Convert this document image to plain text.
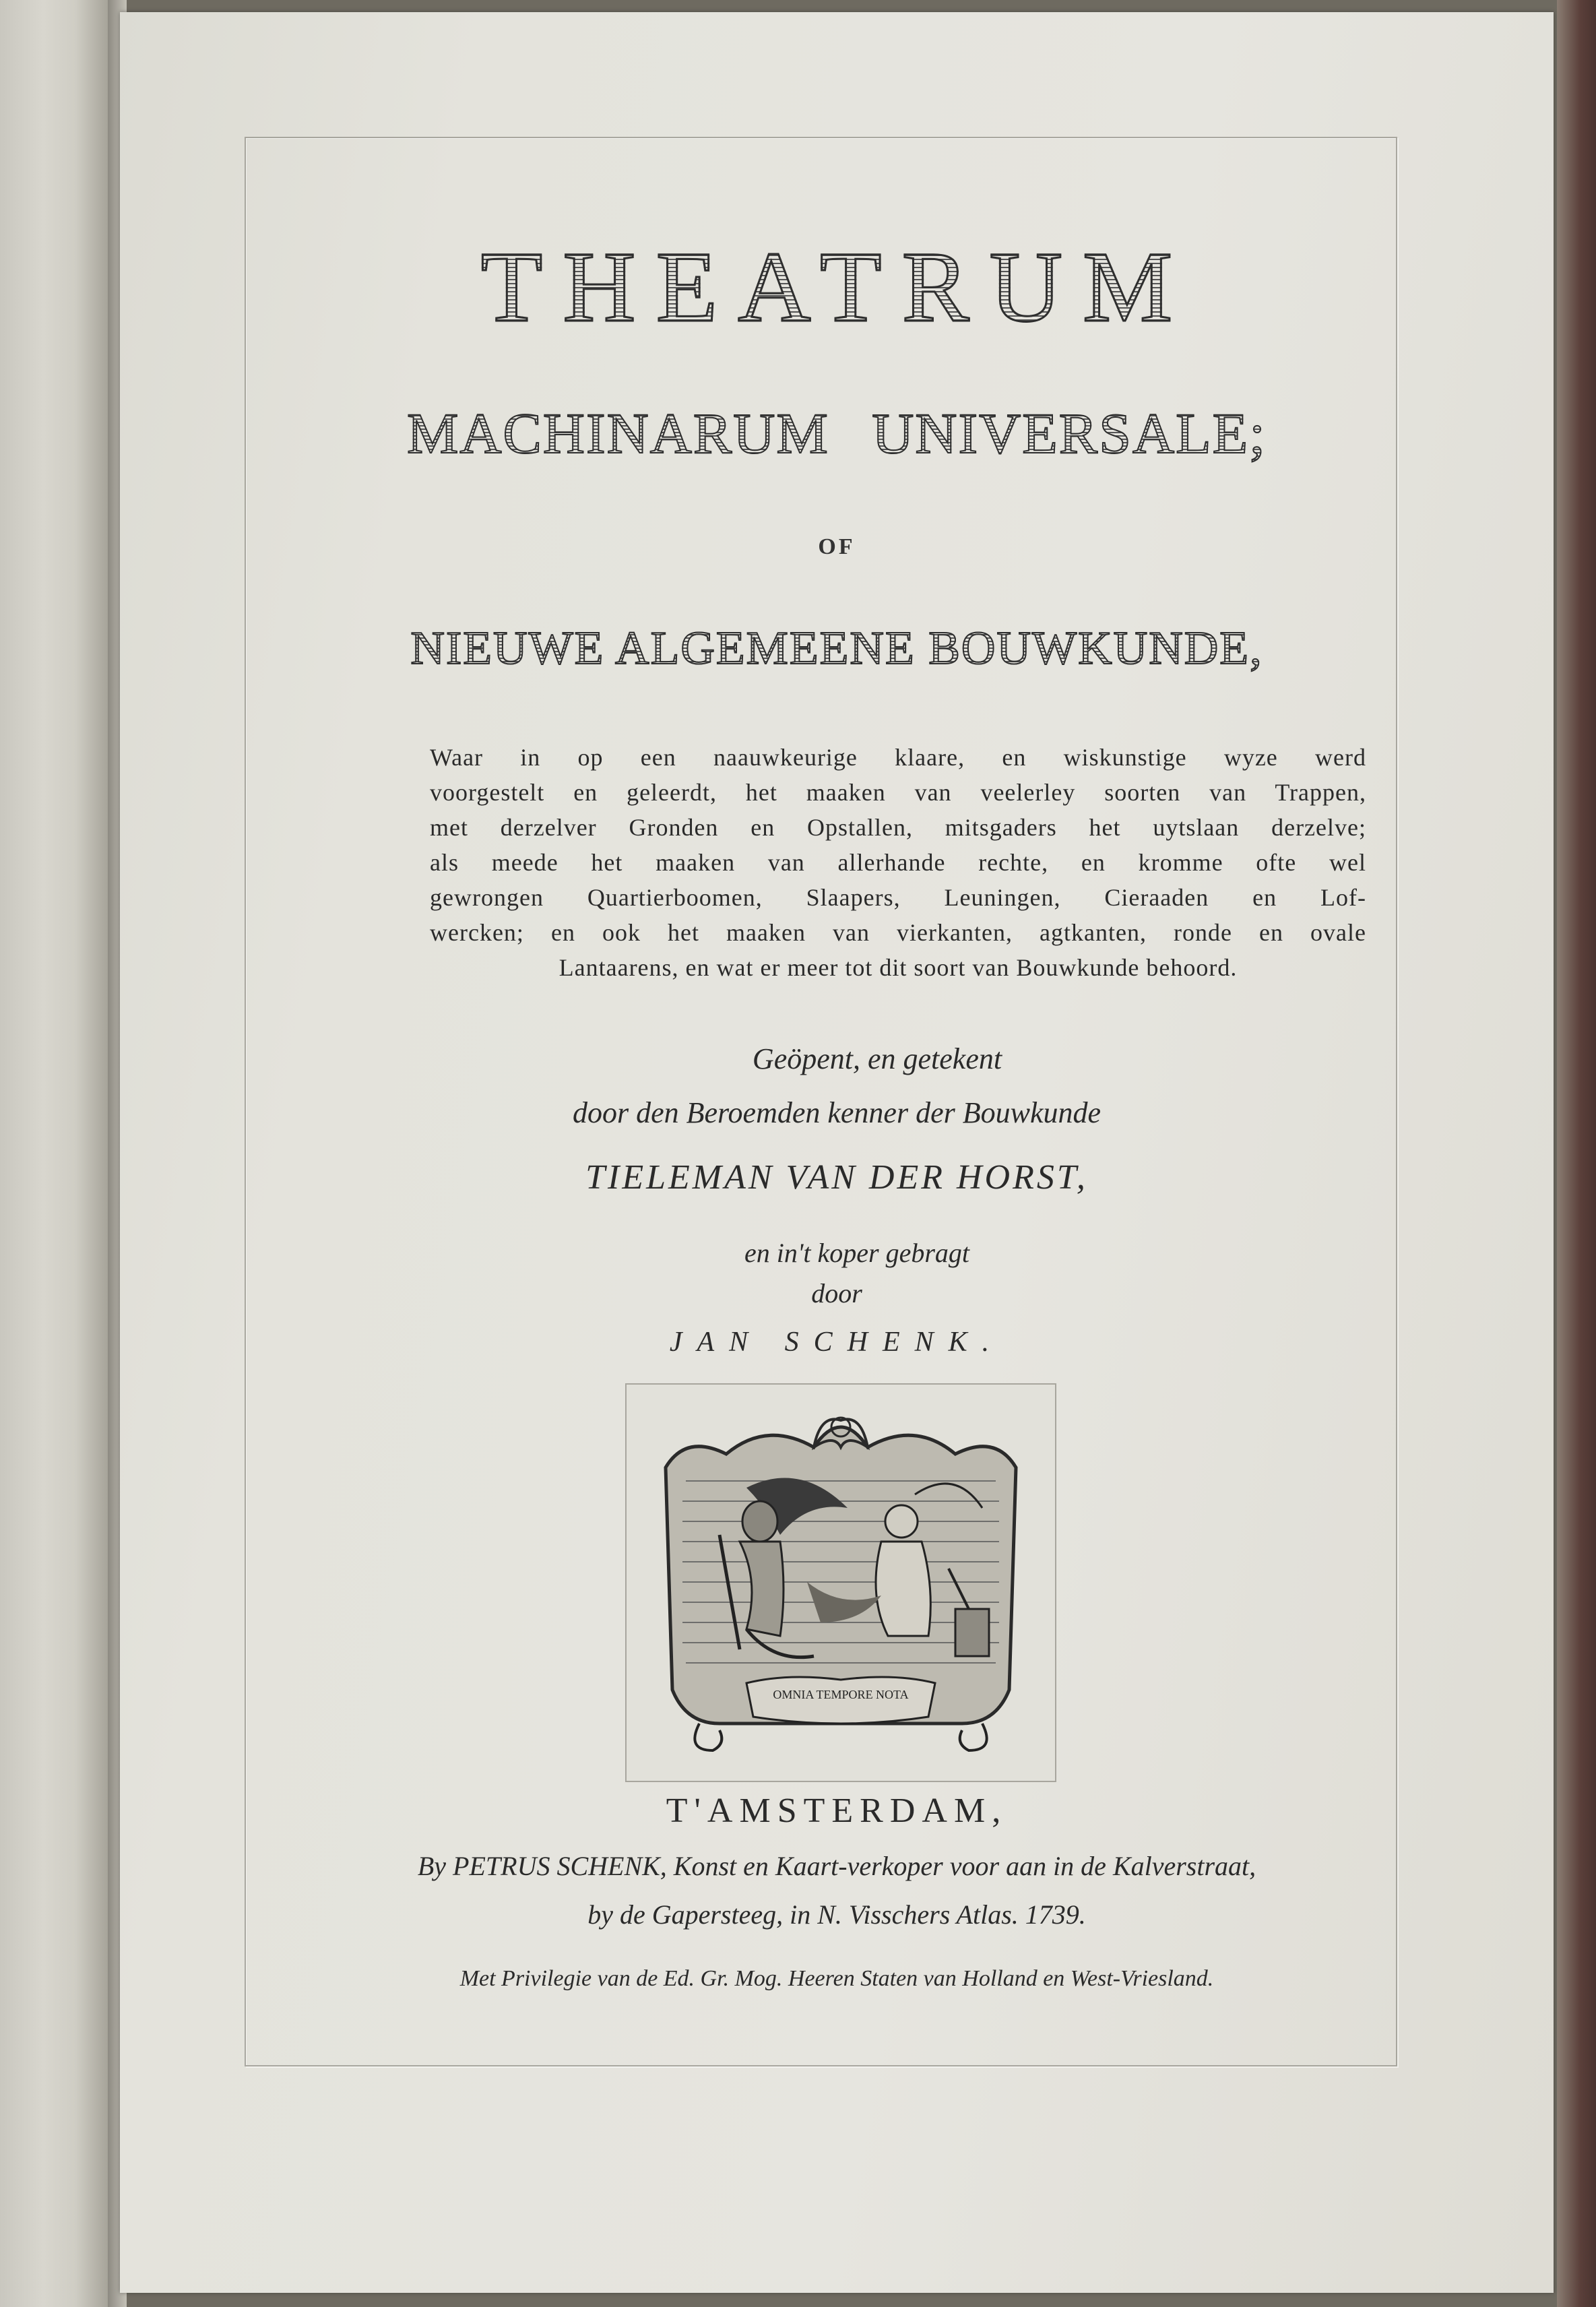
THEATRUM
MACHINARUM UNIVERSALE;
OF
NIEUWE ALGEMEENE BOUWKUNDE,
Waar in op een naauwkeurige klaare, en wiskunstige wyze werd
voorgestelt en geleerdt, het maaken van veelerley soorten van Trappen,
met derzelver Gronden en Opstallen, mitsgaders het uytslaan derzelve;
als meede het maaken van allerhande rechte, en kromme ofte wel
gewrongen Quartierboomen, Slaapers, Leuningen, Cieraaden en Lof-
wercken; en ook het maaken van vierkanten, agtkanten, ronde en ovale
Lantaarens, en wat er meer tot dit soort van Bouwkunde behoord.
Geöpent, en getekent
door den Beroemden kenner der Bouwkunde
TIELEMAN VAN DER HORST,
en in't koper gebragt
door
JAN SCHENK.
OMNIA TEMPORE NOTA
T'AMSTERDAM,
By PETRUS SCHENK, Konst en Kaart-verkoper voor aan in de Kalverstraat,
by de Gapersteeg, in N. Visschers Atlas. 1739.
Met Privilegie van de Ed. Gr. Mog. Heeren Staten van Holland en West-Vriesland.
